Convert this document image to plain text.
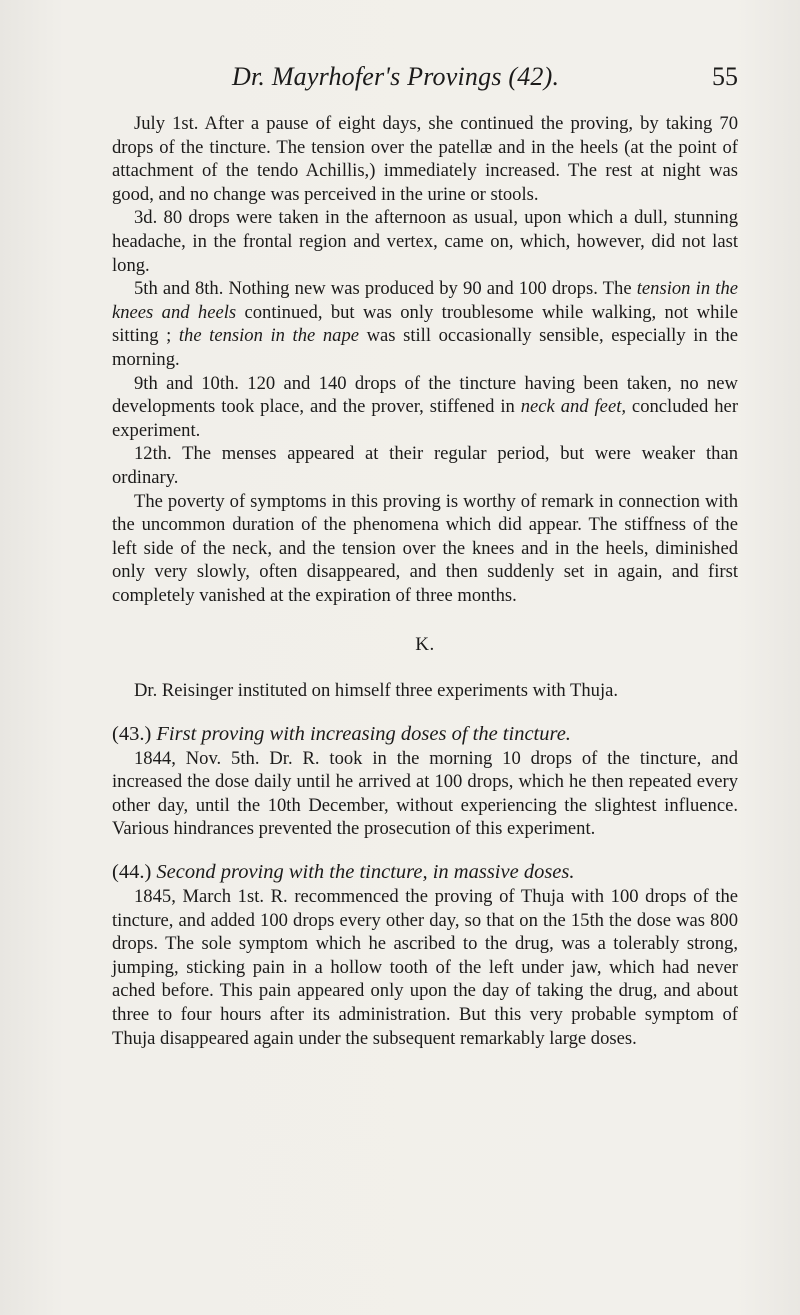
Dr. Mayrhofer's Provings (42).	55

July 1st. After a pause of eight days, she continued the proving, by taking 70 drops of the tincture. The tension over the patellæ and in the heels (at the point of attachment of the tendo Achillis,) immediately increased. The rest at night was good, and no change was perceived in the urine or stools.

3d. 80 drops were taken in the afternoon as usual, upon which a dull, stunning headache, in the frontal region and vertex, came on, which, however, did not last long.

5th and 8th. Nothing new was produced by 90 and 100 drops. The tension in the knees and heels continued, but was only troublesome while walking, not while sitting ; the tension in the nape was still occasionally sensible, especially in the morning.

9th and 10th. 120 and 140 drops of the tincture having been taken, no new developments took place, and the prover, stiffened in neck and feet, concluded her experiment.

12th. The menses appeared at their regular period, but were weaker than ordinary.

The poverty of symptoms in this proving is worthy of remark in connection with the uncommon duration of the phenomena which did appear. The stiffness of the left side of the neck, and the tension over the knees and in the heels, diminished only very slowly, often disappeared, and then suddenly set in again, and first completely vanished at the expiration of three months.

K.

Dr. Reisinger instituted on himself three experiments with Thuja.

(43.) First proving with increasing doses of the tincture.

1844, Nov. 5th. Dr. R. took in the morning 10 drops of the tincture, and increased the dose daily until he arrived at 100 drops, which he then repeated every other day, until the 10th December, without experiencing the slightest influence. Various hindrances prevented the prosecution of this experiment.

(44.) Second proving with the tincture, in massive doses.

1845, March 1st. R. recommenced the proving of Thuja with 100 drops of the tincture, and added 100 drops every other day, so that on the 15th the dose was 800 drops. The sole symptom which he ascribed to the drug, was a tolerably strong, jumping, sticking pain in a hollow tooth of the left under jaw, which had never ached before. This pain appeared only upon the day of taking the drug, and about three to four hours after its administration. But this very probable symptom of Thuja disappeared again under the subsequent remarkably large doses.
